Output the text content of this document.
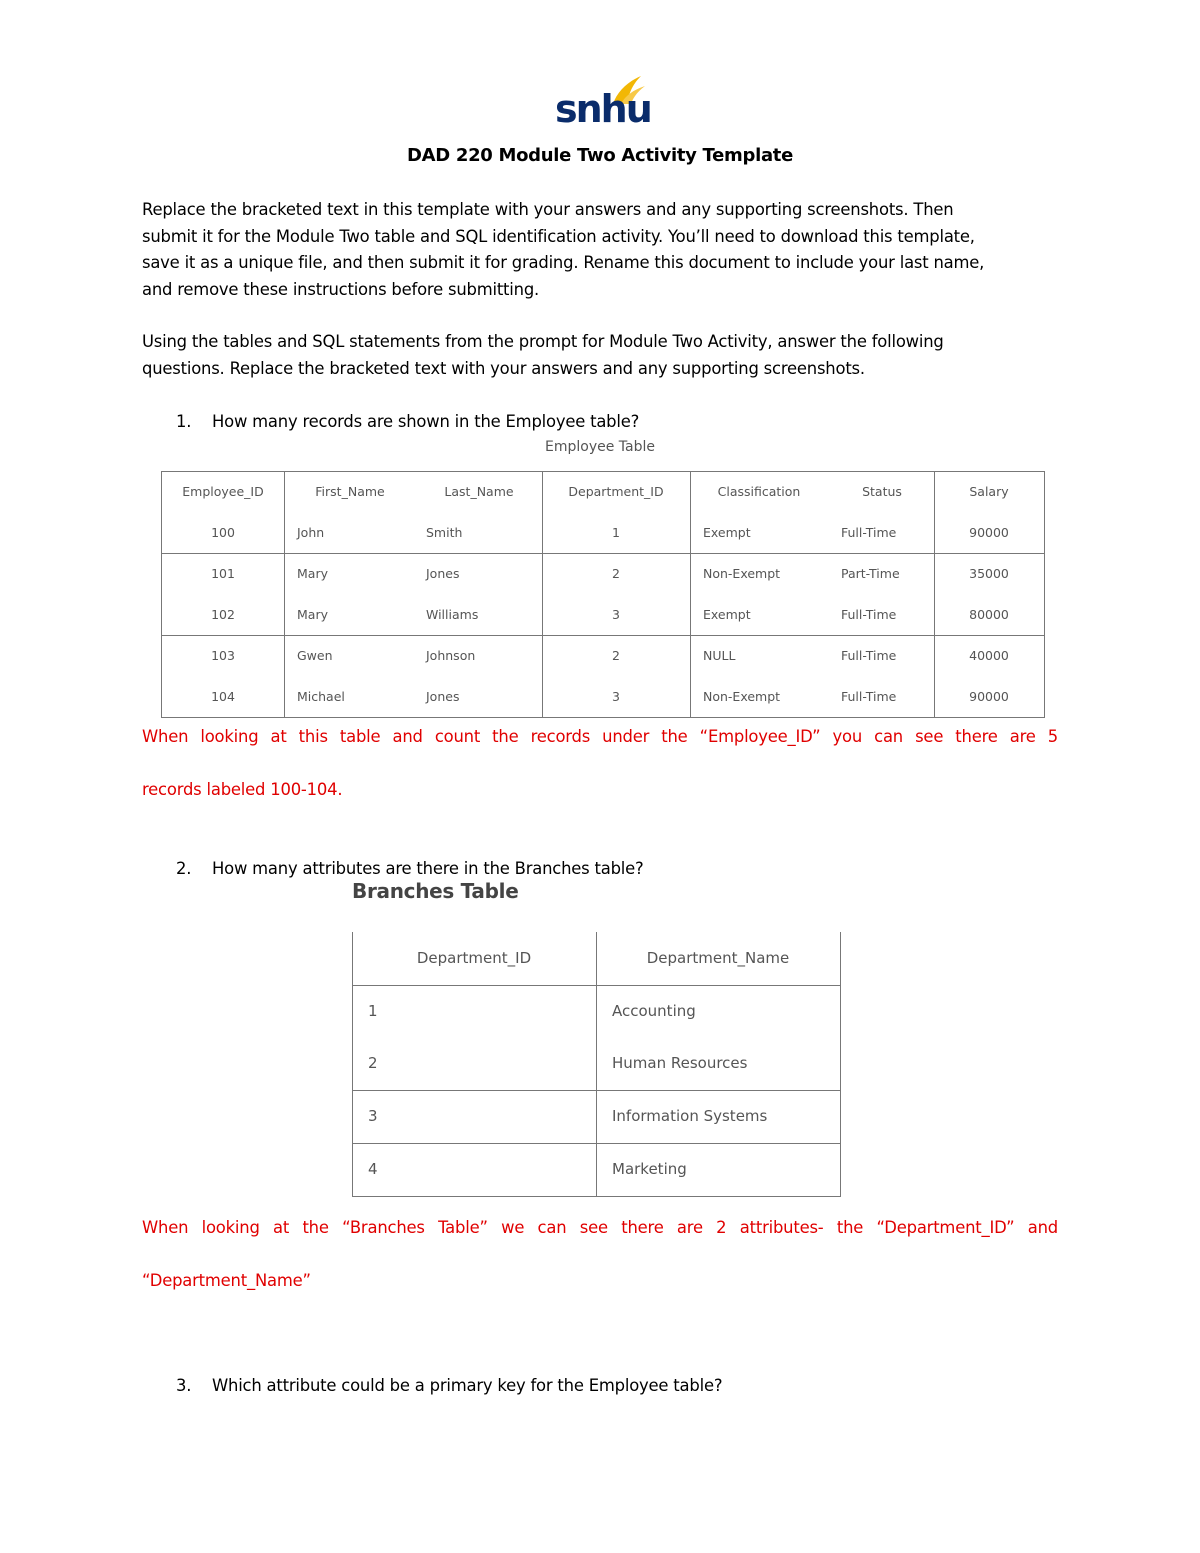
snhu
DAD 220 Module Two Activity Template

Replace the bracketed text in this template with your answers and any supporting screenshots. Then

submit it for the Module Two table and SQL identification activity. You’ll need to download this template,

save it as a unique file, and then submit it for grading. Rename this document to include your last name,

and remove these instructions before submitting.

Using the tables and SQL statements from the prompt for Module Two Activity, answer the following

questions. Replace the bracketed text with your answers and any supporting screenshots.

1. How many records are shown in the Employee table?
Employee Table
Employee_ID	First_Name	Last_Name	Department_ID	Classification	Status	Salary
100	John	Smith	1	Exempt	Full-Time	90000
101	Mary	Jones	2	Non-Exempt	Part-Time	35000
102	Mary	Williams	3	Exempt	Full-Time	80000
103	Gwen	Johnson	2	NULL	Full-Time	40000
104	Michael	Jones	3	Non-Exempt	Full-Time	90000
When looking at this table and count the records under the “Employee_ID” you can see there are 5
records labeled 100-104.
2. How many attributes are there in the Branches table?
Branches Table
Department_ID	Department_Name
1	Accounting
2	Human Resources
3	Information Systems
4	Marketing
When looking at the “Branches Table” we can see there are 2 attributes- the “Department_ID” and
“Department_Name”
3. Which attribute could be a primary key for the Employee table?
